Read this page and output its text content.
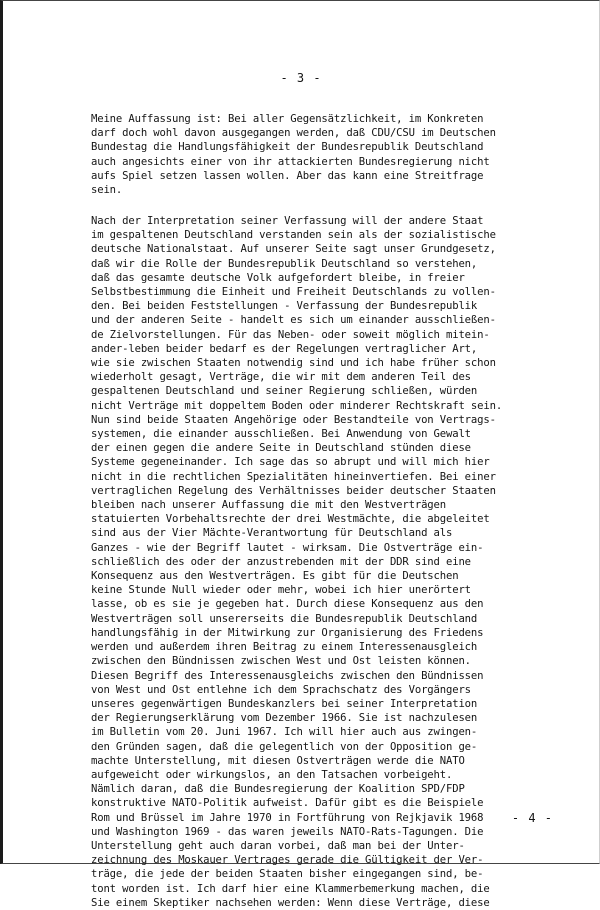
- 3 -
Meine Auffassung ist: Bei aller Gegensätzlichkeit, im Konkreten
darf doch wohl davon ausgegangen werden, daß CDU/CSU im Deutschen
Bundestag die Handlungsfähigkeit der Bundesrepublik Deutschland
auch angesichts einer von ihr attackierten Bundesregierung nicht
aufs Spiel setzen lassen wollen. Aber das kann eine Streitfrage
sein.
Nach der Interpretation seiner Verfassung will der andere Staat
im gespaltenen Deutschland verstanden sein als der sozialistische
deutsche Nationalstaat. Auf unserer Seite sagt unser Grundgesetz,
daß wir die Rolle der Bundesrepublik Deutschland so verstehen,
daß das gesamte deutsche Volk aufgefordert bleibe, in freier
Selbstbestimmung die Einheit und Freiheit Deutschlands zu vollen-
den. Bei beiden Feststellungen - Verfassung der Bundesrepublik
und der anderen Seite - handelt es sich um einander ausschließen-
de Zielvorstellungen. Für das Neben- oder soweit möglich mitein-
ander-leben beider bedarf es der Regelungen vertraglicher Art,
wie sie zwischen Staaten notwendig sind und ich habe früher schon
wiederholt gesagt, Verträge, die wir mit dem anderen Teil des
gespaltenen Deutschland und seiner Regierung schließen, würden
nicht Verträge mit doppeltem Boden oder minderer Rechtskraft sein.
Nun sind beide Staaten Angehörige oder Bestandteile von Vertrags-
systemen, die einander ausschließen. Bei Anwendung von Gewalt
der einen gegen die andere Seite in Deutschland stünden diese
Systeme gegeneinander. Ich sage das so abrupt und will mich hier
nicht in die rechtlichen Spezialitäten hineinvertiefen. Bei einer
vertraglichen Regelung des Verhältnisses beider deutscher Staaten
bleiben nach unserer Auffassung die mit den Westverträgen
statuierten Vorbehaltsrechte der drei Westmächte, die abgeleitet
sind aus der Vier Mächte-Verantwortung für Deutschland als
Ganzes - wie der Begriff lautet - wirksam. Die Ostverträge ein-
schließlich des oder der anzustrebenden mit der DDR sind eine
Konsequenz aus den Westverträgen. Es gibt für die Deutschen
keine Stunde Null wieder oder mehr, wobei ich hier unerörtert
lasse, ob es sie je gegeben hat. Durch diese Konsequenz aus den
Westverträgen soll unsererseits die Bundesrepublik Deutschland
handlungsfähig in der Mitwirkung zur Organisierung des Friedens
werden und außerdem ihren Beitrag zu einem Interessenausgleich
zwischen den Bündnissen zwischen West und Ost leisten können.
Diesen Begriff des Interessenausgleichs zwischen den Bündnissen
von West und Ost entlehne ich dem Sprachschatz des Vorgängers
unseres gegenwärtigen Bundeskanzlers bei seiner Interpretation
der Regierungserklärung vom Dezember 1966. Sie ist nachzulesen
im Bulletin vom 20. Juni 1967. Ich will hier auch aus zwingen-
den Gründen sagen, daß die gelegentlich von der Opposition ge-
machte Unterstellung, mit diesen Ostverträgen werde die NATO
aufgeweicht oder wirkungslos, an den Tatsachen vorbeigeht.
Nämlich daran, daß die Bundesregierung der Koalition SPD/FDP
konstruktive NATO-Politik aufweist. Dafür gibt es die Beispiele
Rom und Brüssel im Jahre 1970 in Fortführung von Rejkjavik 1968
und Washington 1969 - das waren jeweils NATO-Rats-Tagungen. Die
Unterstellung geht auch daran vorbei, daß man bei der Unter-
zeichnung des Moskauer Vertrages gerade die Gültigkeit der Ver-
träge, die jede der beiden Staaten bisher eingegangen sind, be-
tont worden ist. Ich darf hier eine Klammerbemerkung machen, die
Sie einem Skeptiker nachsehen werden: Wenn diese Verträge, diese
- 4 -
